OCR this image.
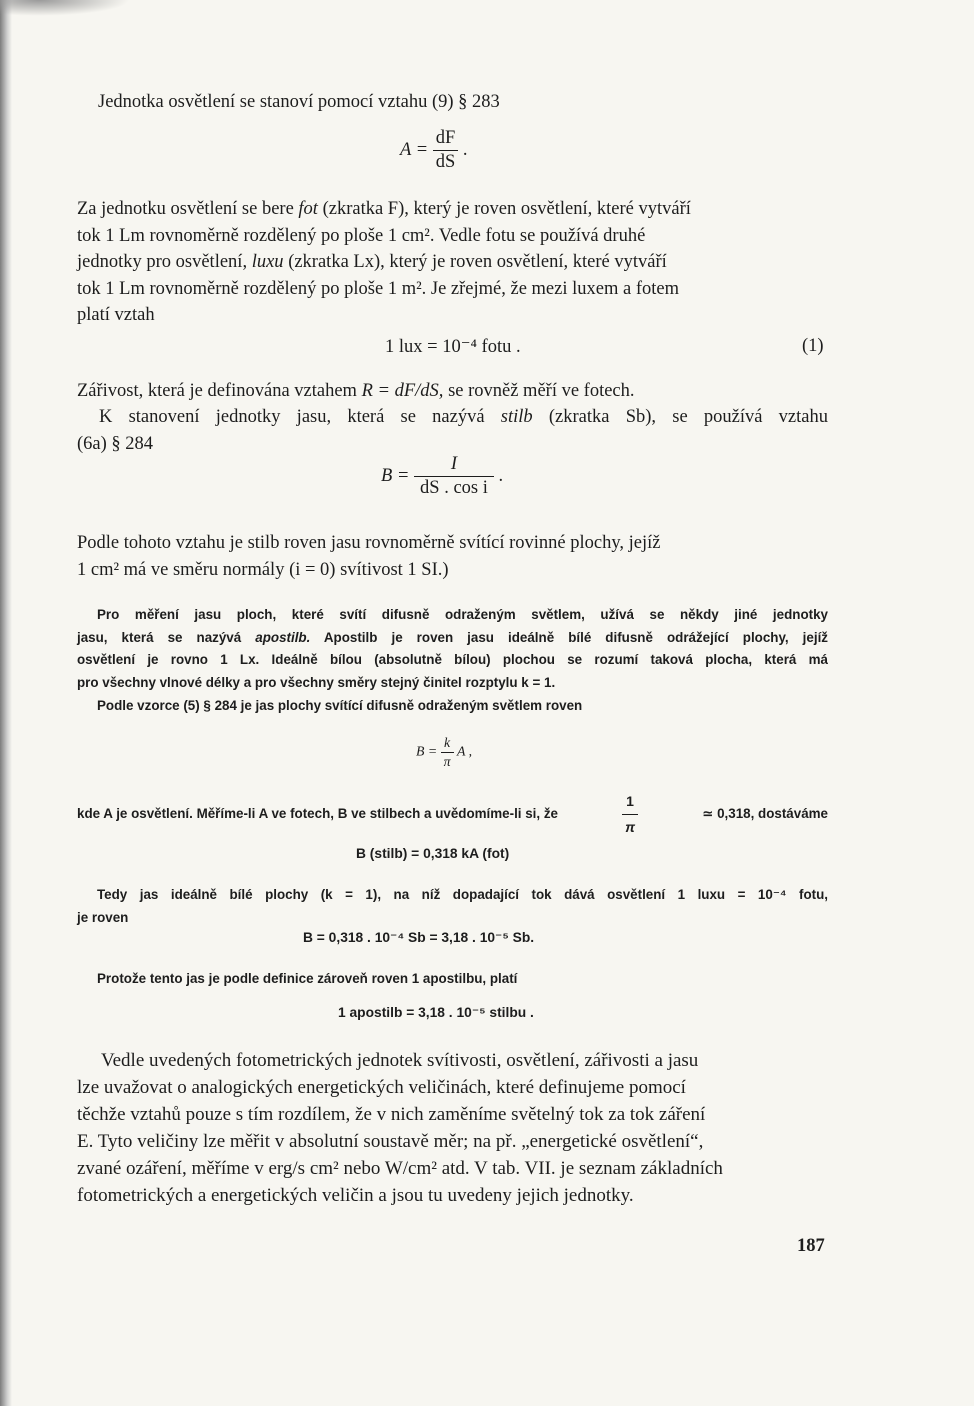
Jednotka osvětlení se stanoví pomocí vztahu (9) § 283

$A = \frac{dF}{dS}$ .
Za jednotku osvětlení se bere fot (zkratka F), který je roven osvětlení, které vytváří
tok 1 Lm rovnoměrně rozdělený po ploše 1 cm². Vedle fotu se používá druhé
jednotky pro osvětlení, luxu (zkratka Lx), který je roven osvětlení, které vytváří
tok 1 Lm rovnoměrně rozdělený po ploše 1 m². Je zřejmé, že mezi luxem a fotem
platí vztah
1 lux = 10⁻⁴ fotu .	(1)

Zářivost, která je definována vztahem R = dF/dS, se rovněž měří ve fotech.

K stanovení jednotky jasu, která se nazývá stilb (zkratka Sb), se používá vztahu
(6a) § 284
$B = \frac{I}{\text{dS . cos i}}$ .
Podle tohoto vztahu je stilb roven jasu rovnoměrně svítící rovinné plochy, jejíž
1 cm² má ve směru normály (i = 0) svítivost 1 SI.)
Pro měření jasu ploch, které svítí difusně odraženým světlem, užívá se někdy jiné jednotky
jasu, která se nazývá apostilb. Apostilb je roven jasu ideálně bílé difusně odrážející plochy, jejíž
osvětlení je rovno 1 Lx. Ideálně bílou (absolutně bílou) plochou se rozumí taková plocha, která má
pro všechny vlnové délky a pro všechny směry stejný činitel rozptylu k = 1.
Podle vzorce (5) § 284 je jas plochy svítící difusně odraženým světlem roven
$B = \frac{k}{\pi}$ A ,
kde A je osvětlení. Měříme-li A ve fotech, B ve stilbech a uvědomíme-li si, že	$\frac{1}{\pi}$	≃ 0,318, dostáváme
B (stilb) = 0,318 kA (fot)
Tedy jas ideálně bílé plochy (k = 1), na níž dopadající tok dává osvětlení 1 luxu = 10⁻⁴ fotu,
je roven
B = 0,318 . 10⁻⁴ Sb = 3,18 . 10⁻⁵ Sb.

Protože tento jas je podle definice zároveň roven 1 apostilbu, platí

1 apostilb = 3,18 . 10⁻⁵ stilbu .
Vedle uvedených fotometrických jednotek svítivosti, osvětlení, zářivosti a jasu
lze uvažovat o analogických energetických veličinách, které definujeme pomocí
těchže vztahů pouze s tím rozdílem, že v nich zaměníme světelný tok za tok záření
E. Tyto veličiny lze měřit v absolutní soustavě měr; na př. „energetické osvětlení“,
zvané ozáření, měříme v erg/s cm² nebo W/cm² atd. V tab. VII. je seznam základních
fotometrických a energetických veličin a jsou tu uvedeny jejich jednotky.
187
